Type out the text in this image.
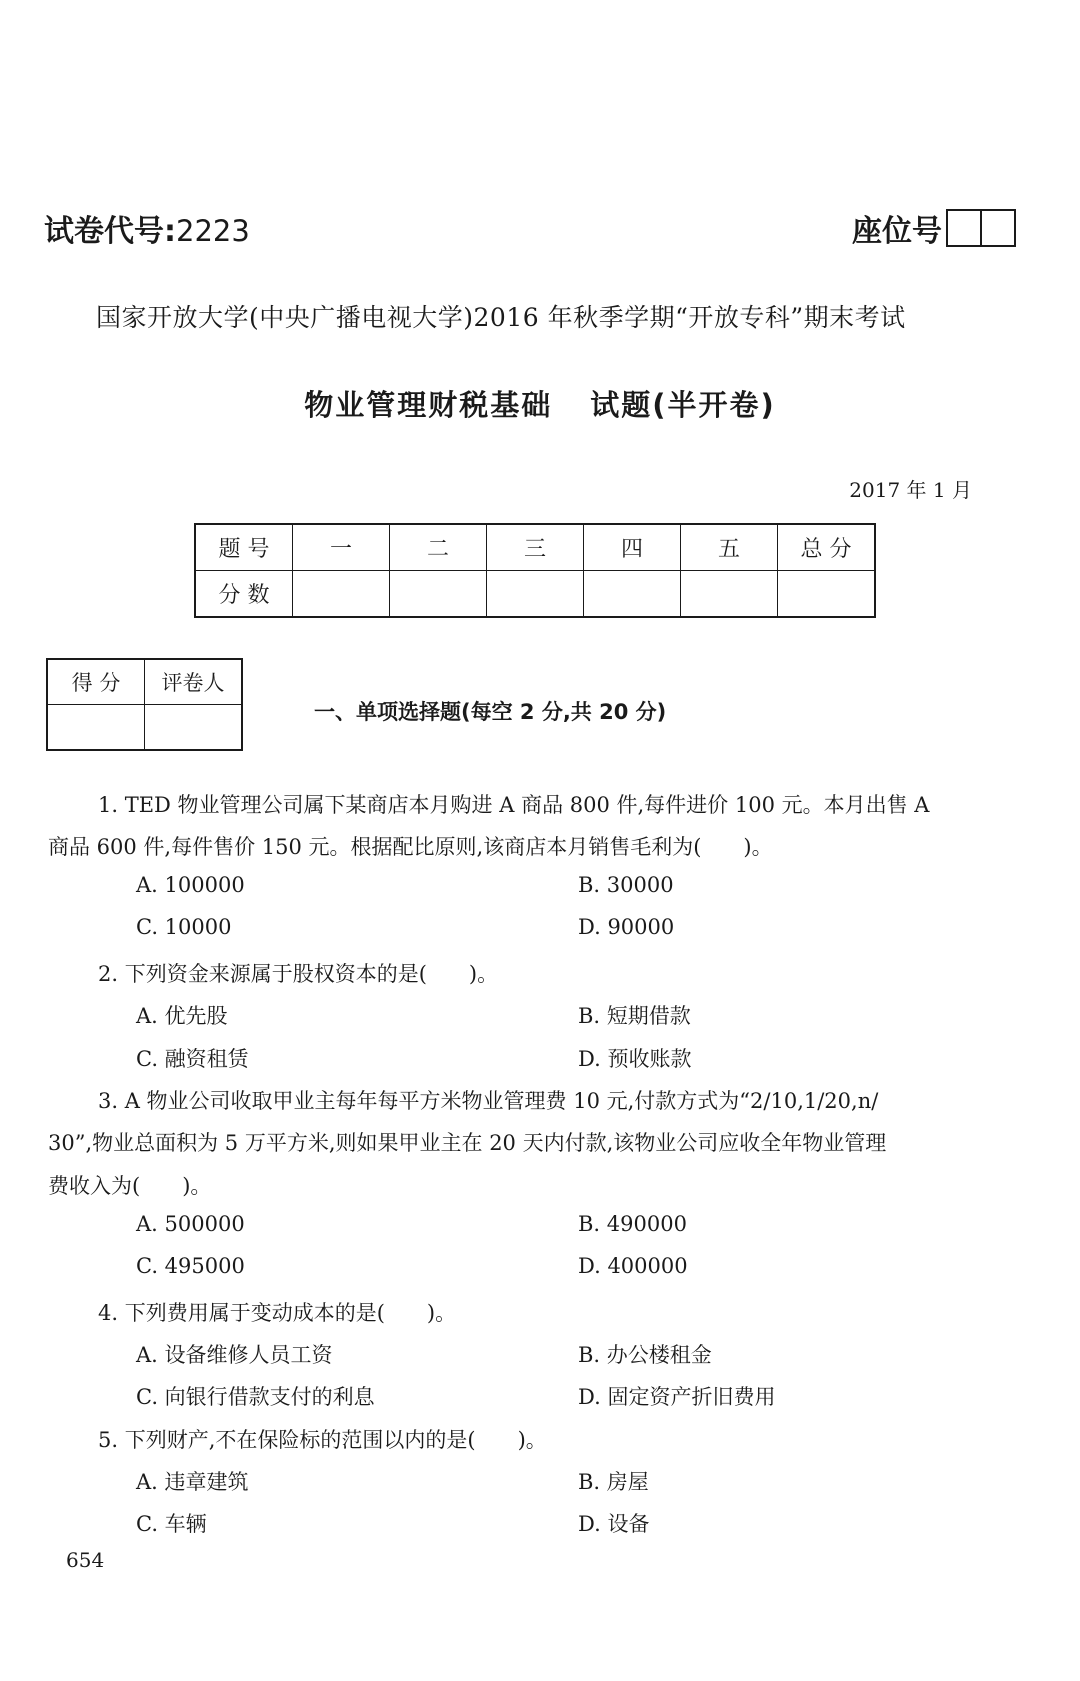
试卷代号:2223	座位号
国家开放大学(中央广播电视大学)2016 年秋季学期“开放专科”期末考试
物业管理财税基础 试题(半开卷)
2017 年 1 月
题 号	一	二	三	四	五	总 分
分 数						
得 分	评卷人

一、单项选择题(每空 2 分,共 20 分)
1. TED 物业管理公司属下某商店本月购进 A 商品 800 件,每件进价 100 元。本月出售 A
商品 600 件,每件售价 150 元。根据配比原则,该商店本月销售毛利为(　　)。
A. 100000	B. 30000
C. 10000	D. 90000
2. 下列资金来源属于股权资本的是(　　)。
A. 优先股	B. 短期借款
C. 融资租赁	D. 预收账款
3. A 物业公司收取甲业主每年每平方米物业管理费 10 元,付款方式为“2/10,1/20,n/
30”,物业总面积为 5 万平方米,则如果甲业主在 20 天内付款,该物业公司应收全年物业管理
费收入为(　　)。
A. 500000	B. 490000
C. 495000	D. 400000
4. 下列费用属于变动成本的是(　　)。
A. 设备维修人员工资	B. 办公楼租金
C. 向银行借款支付的利息	D. 固定资产折旧费用
5. 下列财产,不在保险标的范围以内的是(　　)。
A. 违章建筑	B. 房屋
C. 车辆	D. 设备
654
